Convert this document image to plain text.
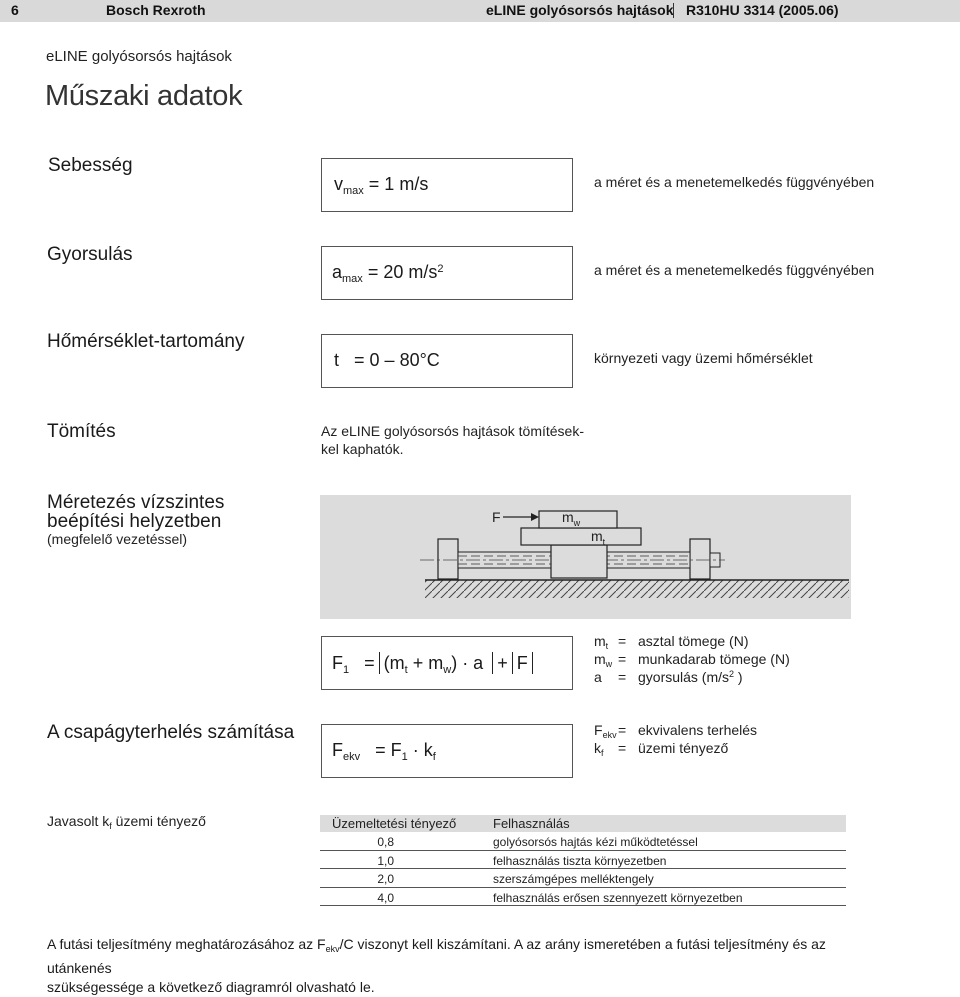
6	Bosch Rexroth	eLINE golyósorsós hajtások R310HU 3314 (2005.06)
eLINE golyósorsós hajtások
Műszaki adatok
Sebesség
$v_{max} = 1$ m/s	a méret és a menetemelkedés függvényében
Gyorsulás
$a_{max} = 20$ $m/s^2$	a méret és a menetemelkedés függvényében
Hőmérséklet-tartomány
t = 0 – 80°C	környezeti vagy üzemi hőmérséklet
Tömítés	Az eLINE golyósorsós hajtások tömítések-
kel kaphatók.
Méretezés vízszintes
beépítési helyzetben
(megfelelő vezetéssel)
F	$m_w$
$m_t$
$F_1 = (m_t + m_w) \cdot a + F$
$m_t$ = asztal tömege (N)
$m_w$ = munkadarab tömege (N)
a = gyorsulás ($m/s^2$ )
A csapágyterhelés számítása
$F_{ekv} = F_1 \cdot k_f$
$F_{ekv}$ = ekvivalens terhelés
$k_f$ = üzemi tényező
Javasolt $k_f$ üzemi tényező	Üzemeltetési tényező	Felhasználás
0,8	golyósorsós hajtás kézi működtetéssel
1,0	felhasználás tiszta környezetben
2,0	szerszámgépes melléktengely
4,0	felhasználás erősen szennyezett környezetben
A futási teljesítmény meghatározásához az $F_{ekv}/C$ viszonyt kell kiszámítani. A az arány ismeretében a futási teljesítmény és az utánkenés
szükségessége a következő diagramról olvasható le.
